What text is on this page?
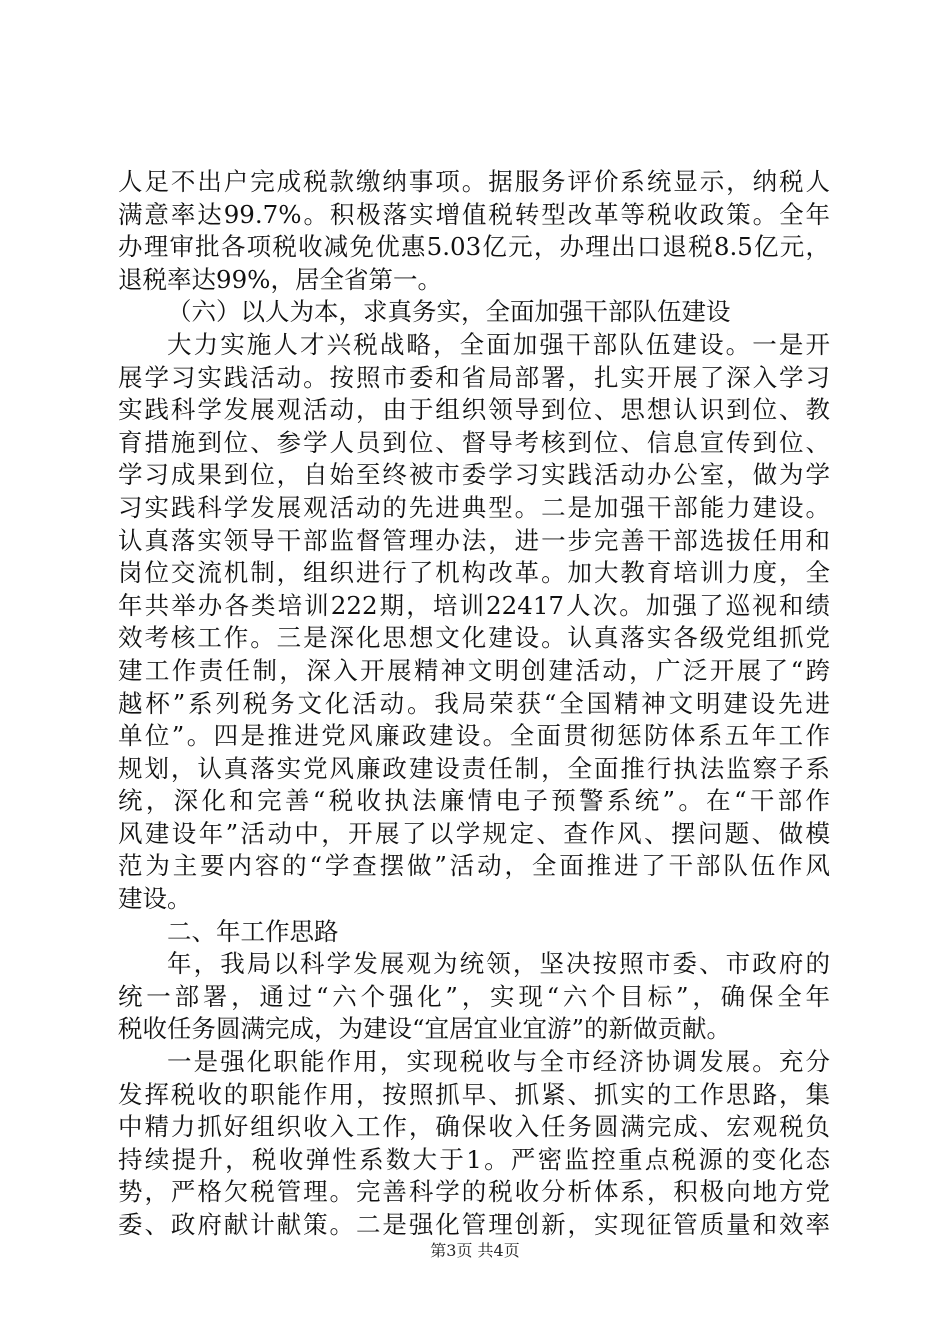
人足不出户完成税款缴纳事项。据服务评价系统显示，纳税人
满意率达99.7%。积极落实增值税转型改革等税收政策。全年
办理审批各项税收减免优惠5.03亿元，办理出口退税8.5亿元，
退税率达99%，居全省第一。
（六）以人为本，求真务实，全面加强干部队伍建设
大力实施人才兴税战略，全面加强干部队伍建设。一是开
展学习实践活动。按照市委和省局部署，扎实开展了深入学习
实践科学发展观活动，由于组织领导到位、思想认识到位、教
育措施到位、参学人员到位、督导考核到位、信息宣传到位、
学习成果到位，自始至终被市委学习实践活动办公室，做为学
习实践科学发展观活动的先进典型。二是加强干部能力建设。
认真落实领导干部监督管理办法，进一步完善干部选拔任用和
岗位交流机制，组织进行了机构改革。加大教育培训力度，全
年共举办各类培训222期，培训22417人次。加强了巡视和绩
效考核工作。三是深化思想文化建设。认真落实各级党组抓党
建工作责任制，深入开展精神文明创建活动，广泛开展了“跨
越杯”系列税务文化活动。我局荣获“全国精神文明建设先进
单位”。四是推进党风廉政建设。全面贯彻惩防体系五年工作
规划，认真落实党风廉政建设责任制，全面推行执法监察子系
统，深化和完善“税收执法廉情电子预警系统”。在“干部作
风建设年”活动中，开展了以学规定、查作风、摆问题、做模
范为主要内容的“学查摆做”活动，全面推进了干部队伍作风
建设。
二、年工作思路
年，我局以科学发展观为统领，坚决按照市委、市政府的
统一部署，通过“六个强化”，实现“六个目标”，确保全年
税收任务圆满完成，为建设“宜居宜业宜游”的新做贡献。
一是强化职能作用，实现税收与全市经济协调发展。充分
发挥税收的职能作用，按照抓早、抓紧、抓实的工作思路，集
中精力抓好组织收入工作，确保收入任务圆满完成、宏观税负
持续提升，税收弹性系数大于1。严密监控重点税源的变化态
势，严格欠税管理。完善科学的税收分析体系，积极向地方党
委、政府献计献策。二是强化管理创新，实现征管质量和效率
第3页 共4页
